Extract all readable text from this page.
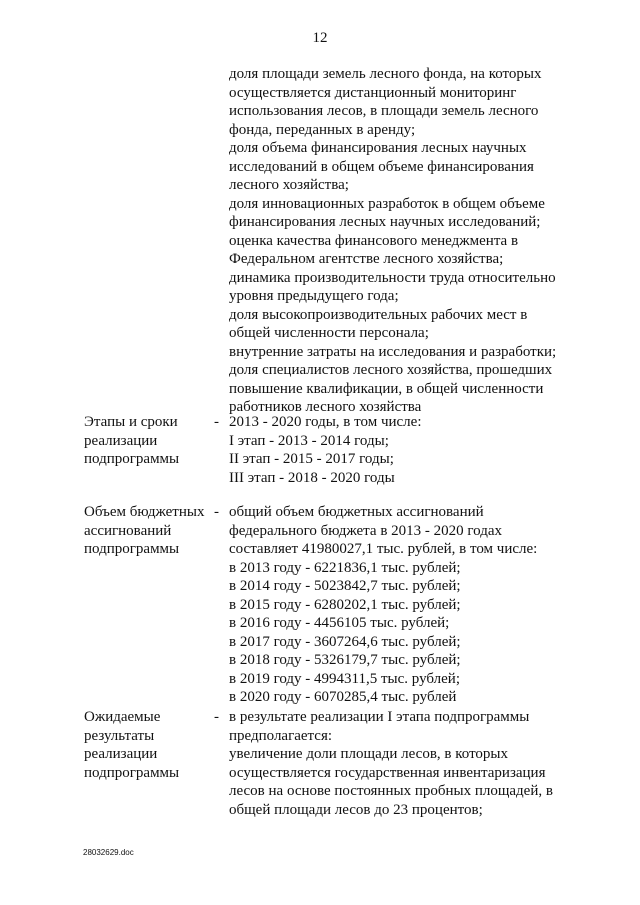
12
доля площади земель лесного фонда, на которых
осуществляется дистанционный мониторинг
использования лесов, в площади земель лесного
фонда, переданных в аренду;
доля объема финансирования лесных научных
исследований в общем объеме финансирования
лесного хозяйства;
доля инновационных разработок в общем объеме
финансирования лесных научных исследований;
оценка качества финансового менеджмента в
Федеральном агентстве лесного хозяйства;
динамика производительности труда относительно
уровня предыдущего года;
доля высокопроизводительных рабочих мест в
общей численности персонала;
внутренние затраты на исследования и разработки;
доля специалистов лесного хозяйства, прошедших
повышение квалификации, в общей численности
работников лесного хозяйства
Этапы и сроки
реализации
подпрограммы
- 2013 - 2020 годы, в том числе:
I этап - 2013 - 2014 годы;
II этап - 2015 - 2017 годы;
III этап - 2018 - 2020 годы
Объем бюджетных
ассигнований
подпрограммы
- общий объем бюджетных ассигнований
федерального бюджета в 2013 - 2020 годах
составляет 41980027,1 тыс. рублей, в том числе:
в 2013 году - 6221836,1 тыс. рублей;
в 2014 году - 5023842,7 тыс. рублей;
в 2015 году - 6280202,1 тыс. рублей;
в 2016 году - 4456105 тыс. рублей;
в 2017 году - 3607264,6 тыс. рублей;
в 2018 году - 5326179,7 тыс. рублей;
в 2019 году - 4994311,5 тыс. рублей;
в 2020 году - 6070285,4 тыс. рублей
Ожидаемые
результаты
реализации
подпрограммы
- в результате реализации I этапа подпрограммы
предполагается:
увеличение доли площади лесов, в которых
осуществляется государственная инвентаризация
лесов на основе постоянных пробных площадей, в
общей площади лесов до 23 процентов;
28032629.doc
